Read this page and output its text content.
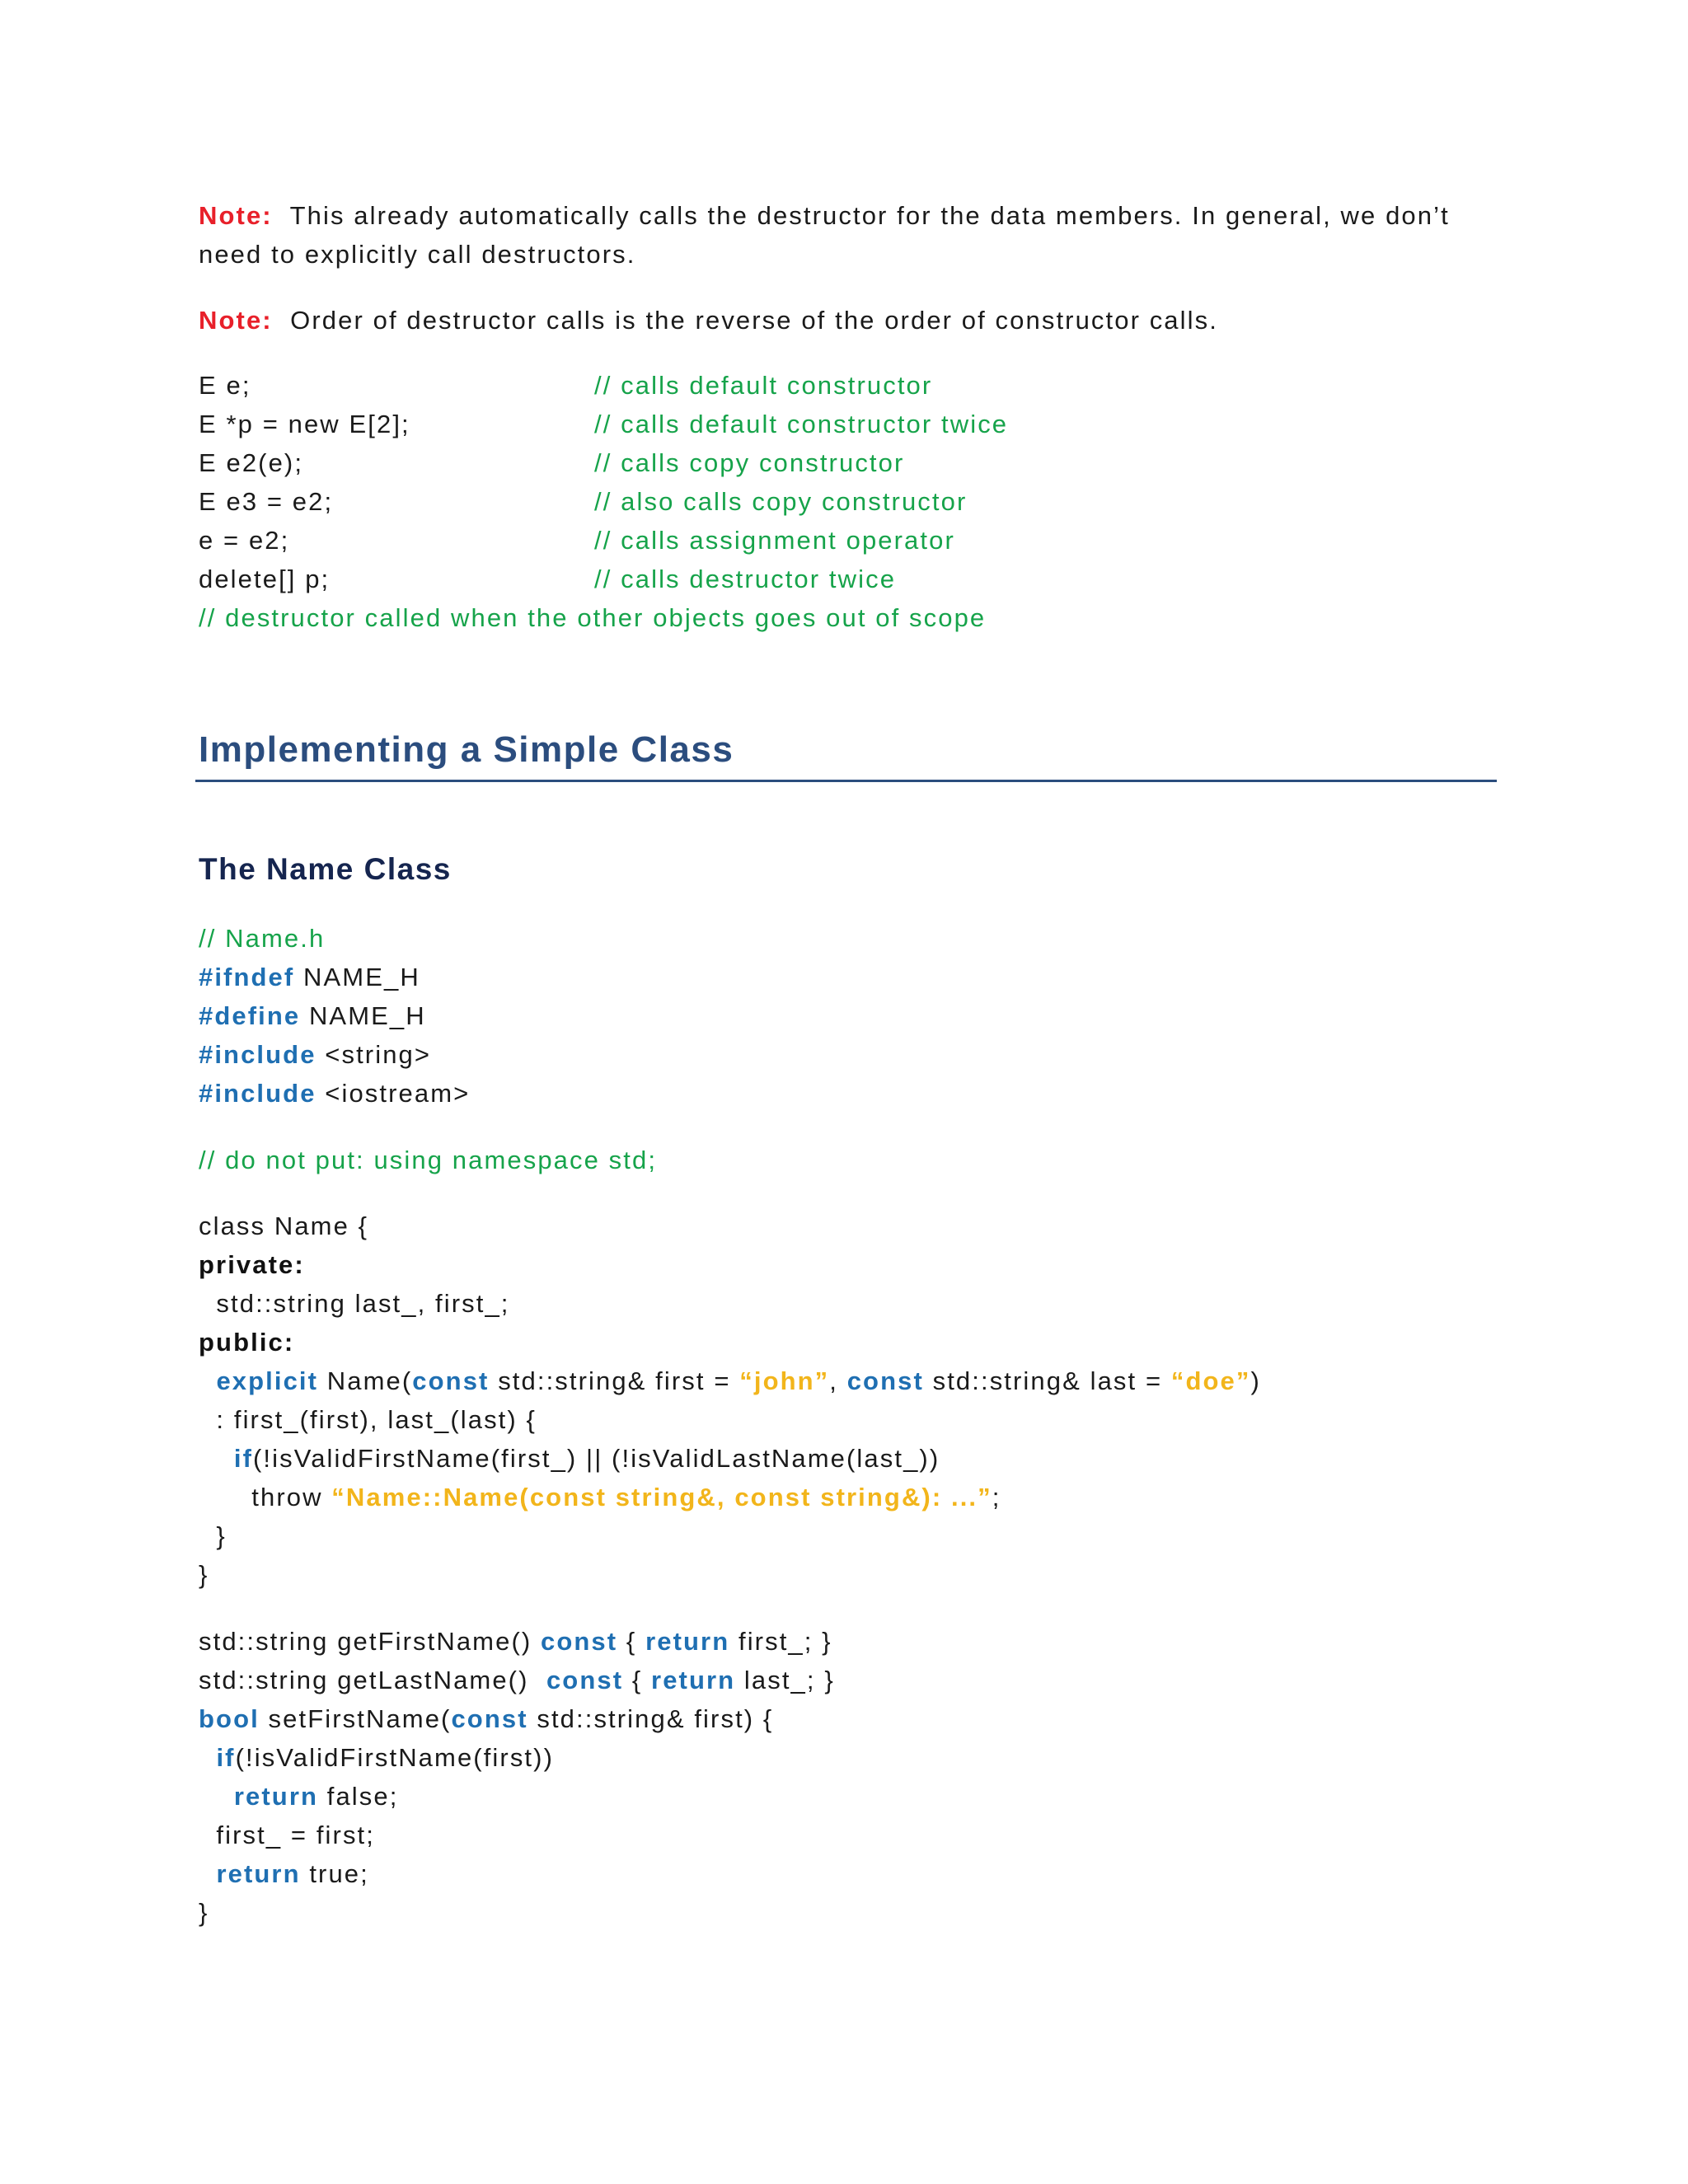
Note: This already automatically calls the destructor for the data members. In general, we don’t
need to explicitly call destructors.
Note: Order of destructor calls is the reverse of the order of constructor calls.
E e;	// calls default constructor
E *p = new E[2];	// calls default constructor twice
E e2(e);	// calls copy constructor
E e3 = e2;	// also calls copy constructor
e = e2;	// calls assignment operator
delete[] p;	// calls destructor twice
// destructor called when the other objects goes out of scope
Implementing a Simple Class
The Name Class
// Name.h
#ifndef NAME_H
#define NAME_H
#include <string>
#include <iostream>
// do not put: using namespace std;
class Name {
private:
std::string last_, first_;
public:
explicit Name(const std::string& first = “john”, const std::string& last = “doe”)
: first_(first), last_(last) {
if(!isValidFirstName(first_) || (!isValidLastName(last_))
throw “Name::Name(const string&, const string&): ...”;
}
}
std::string getFirstName() const { return first_; }
std::string getLastName()  const { return last_; }
bool setFirstName(const std::string& first) {
if(!isValidFirstName(first))
return false;
first_ = first;
return true;
}
